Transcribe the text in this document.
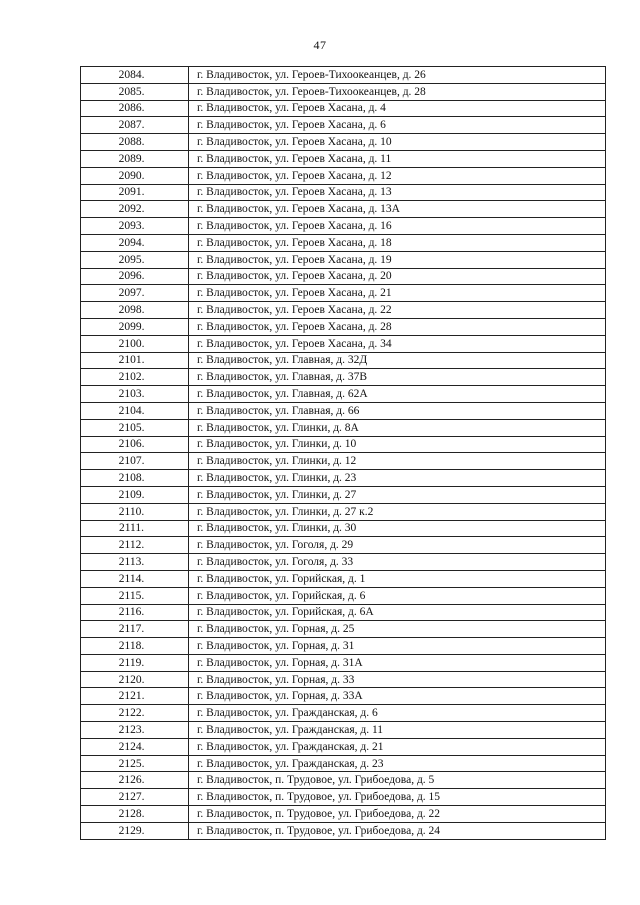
47
2084.	г. Владивосток, ул. Героев-Тихоокеанцев, д. 26
2085.	г. Владивосток, ул. Героев-Тихоокеанцев, д. 28
2086.	г. Владивосток, ул. Героев Хасана, д. 4
2087.	г. Владивосток, ул. Героев Хасана, д. 6
2088.	г. Владивосток, ул. Героев Хасана, д. 10
2089.	г. Владивосток, ул. Героев Хасана, д. 11
2090.	г. Владивосток, ул. Героев Хасана, д. 12
2091.	г. Владивосток, ул. Героев Хасана, д. 13
2092.	г. Владивосток, ул. Героев Хасана, д. 13А
2093.	г. Владивосток, ул. Героев Хасана, д. 16
2094.	г. Владивосток, ул. Героев Хасана, д. 18
2095.	г. Владивосток, ул. Героев Хасана, д. 19
2096.	г. Владивосток, ул. Героев Хасана, д. 20
2097.	г. Владивосток, ул. Героев Хасана, д. 21
2098.	г. Владивосток, ул. Героев Хасана, д. 22
2099.	г. Владивосток, ул. Героев Хасана, д. 28
2100.	г. Владивосток, ул. Героев Хасана, д. 34
2101.	г. Владивосток, ул. Главная, д. 32Д
2102.	г. Владивосток, ул. Главная, д. 37В
2103.	г. Владивосток, ул. Главная, д. 62А
2104.	г. Владивосток, ул. Главная, д. 66
2105.	г. Владивосток, ул. Глинки, д. 8А
2106.	г. Владивосток, ул. Глинки, д. 10
2107.	г. Владивосток, ул. Глинки, д. 12
2108.	г. Владивосток, ул. Глинки, д. 23
2109.	г. Владивосток, ул. Глинки, д. 27
2110.	г. Владивосток, ул. Глинки, д. 27 к.2
2111.	г. Владивосток, ул. Глинки, д. 30
2112.	г. Владивосток, ул. Гоголя, д. 29
2113.	г. Владивосток, ул. Гоголя, д. 33
2114.	г. Владивосток, ул. Горийская, д. 1
2115.	г. Владивосток, ул. Горийская, д. 6
2116.	г. Владивосток, ул. Горийская, д. 6А
2117.	г. Владивосток, ул. Горная, д. 25
2118.	г. Владивосток, ул. Горная, д. 31
2119.	г. Владивосток, ул. Горная, д. 31А
2120.	г. Владивосток, ул. Горная, д. 33
2121.	г. Владивосток, ул. Горная, д. 33А
2122.	г. Владивосток, ул. Гражданская, д. 6
2123.	г. Владивосток, ул. Гражданская, д. 11
2124.	г. Владивосток, ул. Гражданская, д. 21
2125.	г. Владивосток, ул. Гражданская, д. 23
2126.	г. Владивосток, п. Трудовое, ул. Грибоедова, д. 5
2127.	г. Владивосток, п. Трудовое, ул. Грибоедова, д. 15
2128.	г. Владивосток, п. Трудовое, ул. Грибоедова, д. 22
2129.	г. Владивосток, п. Трудовое, ул. Грибоедова, д. 24
